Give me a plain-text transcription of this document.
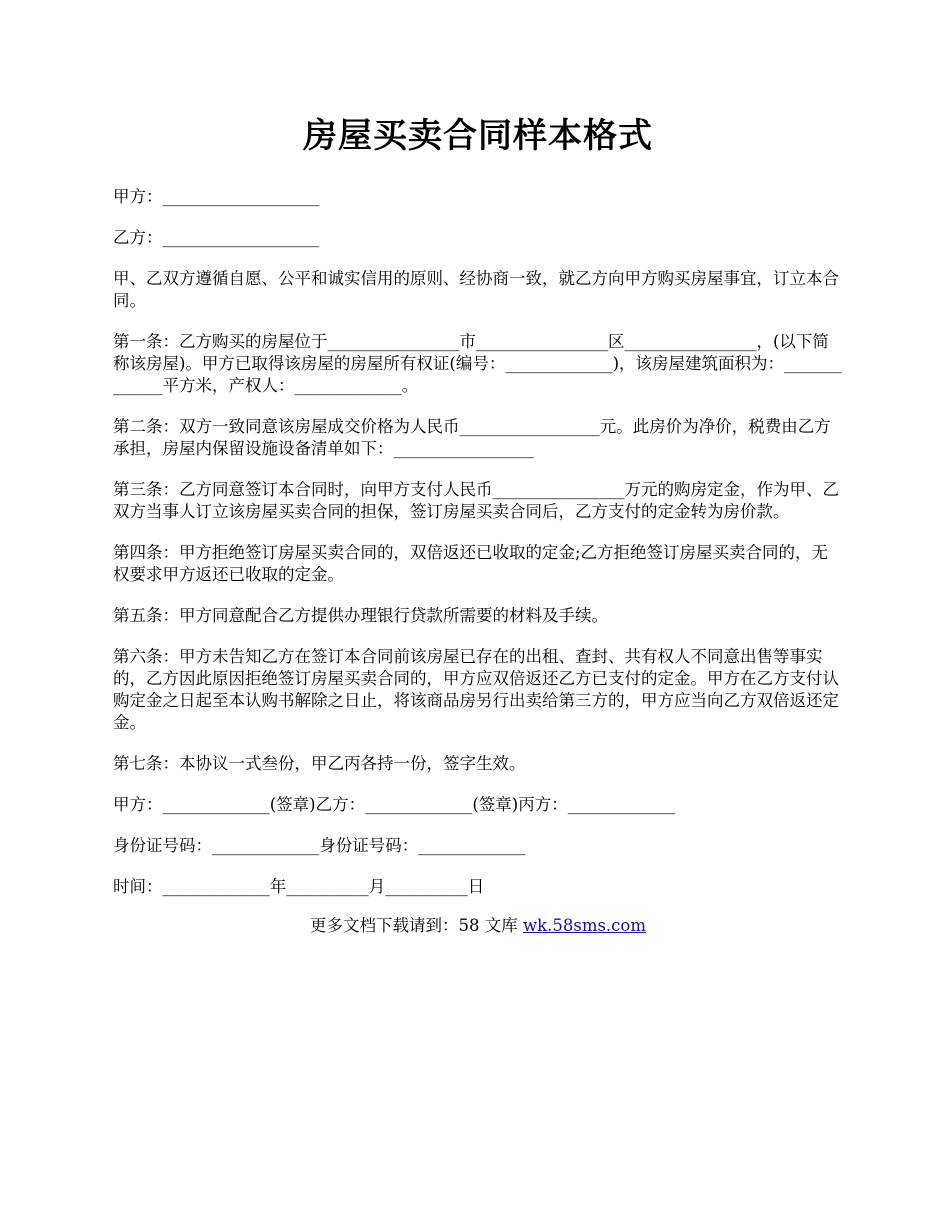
房屋买卖合同样本格式

甲方：___________________

乙方：___________________

甲、乙双方遵循自愿、公平和诚实信用的原则、经协商一致，就乙方向甲方购买房屋事宜，订立本合同。

第一条：乙方购买的房屋位于________________市________________区________________，(以下简称该房屋)。甲方已取得该房屋的房屋所有权证(编号：_____________)，该房屋建筑面积为：_____________平方米，产权人：_____________。

第二条：双方一致同意该房屋成交价格为人民币_________________元。此房价为净价，税费由乙方承担，房屋内保留设施设备清单如下：_________________

第三条：乙方同意签订本合同时，向甲方支付人民币________________万元的购房定金，作为甲、乙双方当事人订立该房屋买卖合同的担保，签订房屋买卖合同后，乙方支付的定金转为房价款。

第四条：甲方拒绝签订房屋买卖合同的，双倍返还已收取的定金;乙方拒绝签订房屋买卖合同的，无权要求甲方返还已收取的定金。

第五条：甲方同意配合乙方提供办理银行贷款所需要的材料及手续。

第六条：甲方未告知乙方在签订本合同前该房屋已存在的出租、查封、共有权人不同意出售等事实的，乙方因此原因拒绝签订房屋买卖合同的，甲方应双倍返还乙方已支付的定金。甲方在乙方支付认购定金之日起至本认购书解除之日止，将该商品房另行出卖给第三方的，甲方应当向乙方双倍返还定金。

第七条：本协议一式叁份，甲乙丙各持一份，签字生效。

甲方：_____________(签章)乙方：_____________(签章)丙方：_____________

身份证号码：_____________身份证号码：_____________

时间：_____________年__________月__________日

更多文档下载请到：58 文库 wk.58sms.com
